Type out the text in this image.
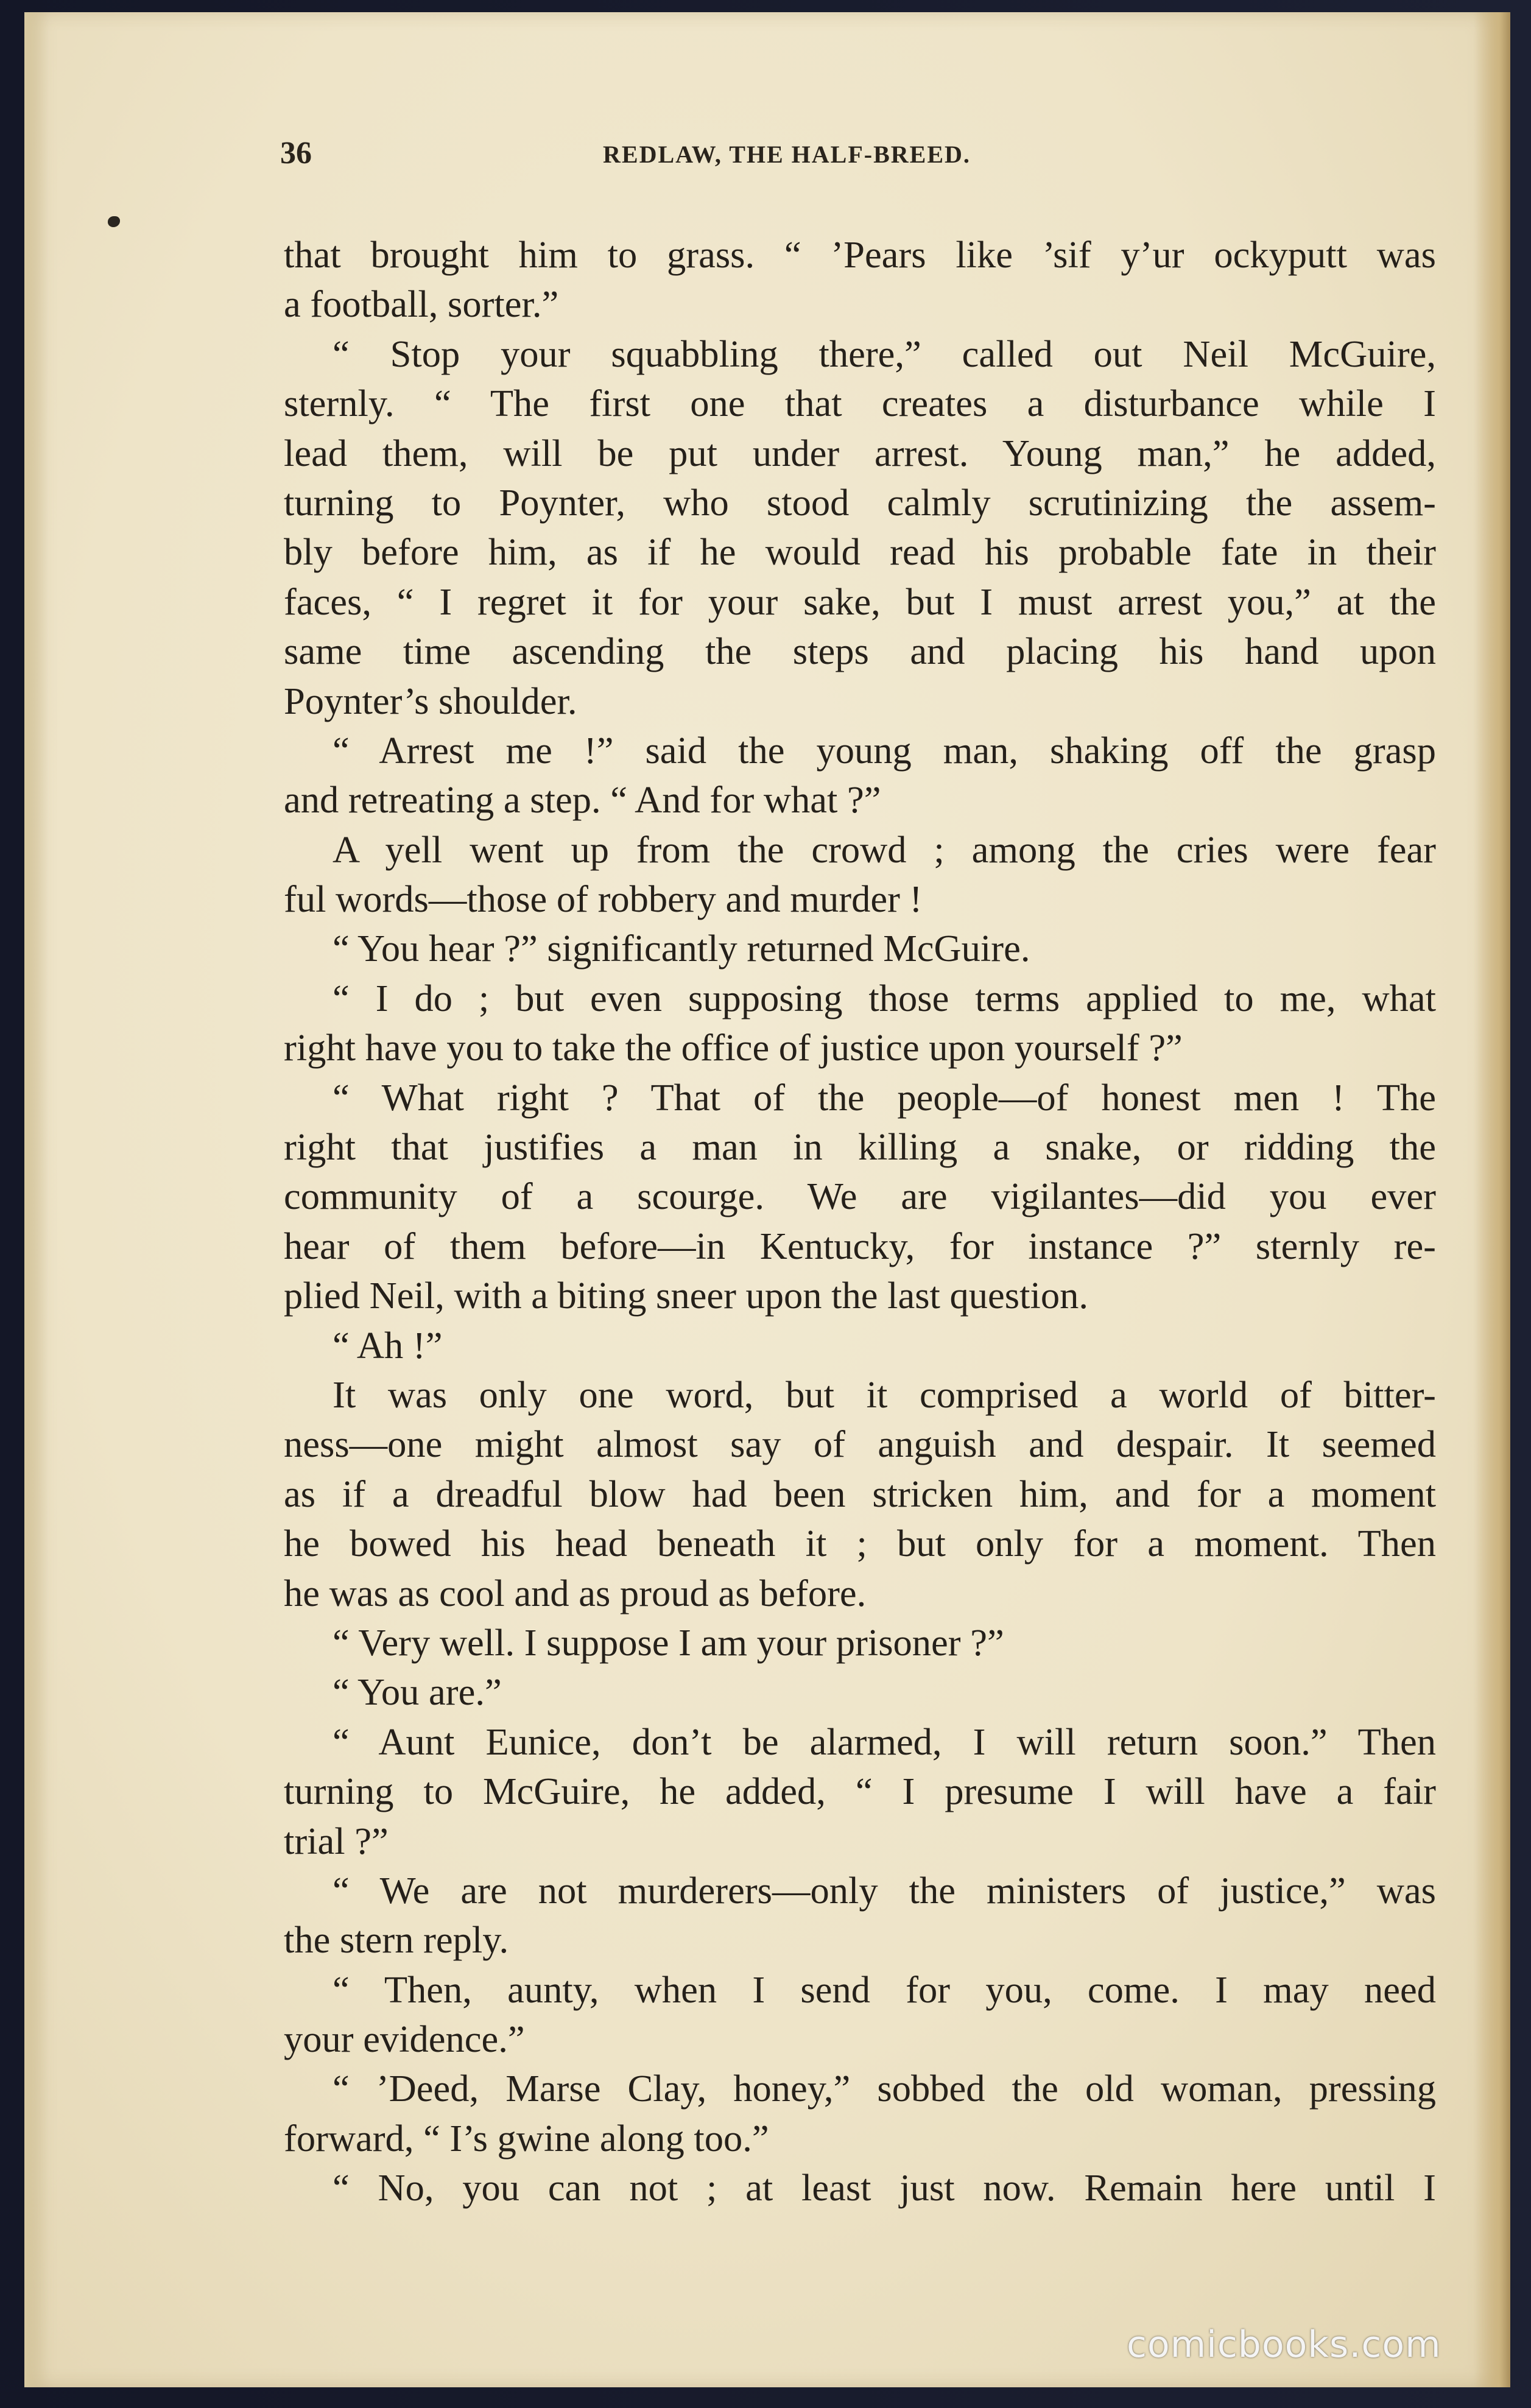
36	REDLAW, THE HALF-BREED.
that brought him to grass. “ ’Pears like ’sif y’ur ockyputt was
a football, sorter.”
“ Stop your squabbling there,” called out Neil McGuire,
sternly. “ The first one that creates a disturbance while I
lead them, will be put under arrest. Young man,” he added,
turning to Poynter, who stood calmly scrutinizing the assem-
bly before him, as if he would read his probable fate in their
faces, “ I regret it for your sake, but I must arrest you,” at the
same time ascending the steps and placing his hand upon
Poynter’s shoulder.
“ Arrest me !” said the young man, shaking off the grasp
and retreating a step. “ And for what ?”
A yell went up from the crowd ; among the cries were fear
ful words—those of robbery and murder !
“ You hear ?” significantly returned McGuire.
“ I do ; but even supposing those terms applied to me, what
right have you to take the office of justice upon yourself ?”
“ What right ? That of the people—of honest men ! The
right that justifies a man in killing a snake, or ridding the
community of a scourge. We are vigilantes—did you ever
hear of them before—in Kentucky, for instance ?” sternly re-
plied Neil, with a biting sneer upon the last question.
“ Ah !”
It was only one word, but it comprised a world of bitter-
ness—one might almost say of anguish and despair. It seemed
as if a dreadful blow had been stricken him, and for a moment
he bowed his head beneath it ; but only for a moment. Then
he was as cool and as proud as before.
“ Very well. I suppose I am your prisoner ?”
“ You are.”
“ Aunt Eunice, don’t be alarmed, I will return soon.” Then
turning to McGuire, he added, “ I presume I will have a fair
trial ?”
“ We are not murderers—only the ministers of justice,” was
the stern reply.
“ Then, aunty, when I send for you, come. I may need
your evidence.”
“ ’Deed, Marse Clay, honey,” sobbed the old woman, pressing
forward, “ I’s gwine along too.”
“ No, you can not ; at least just now. Remain here until I
comicbooks.com
